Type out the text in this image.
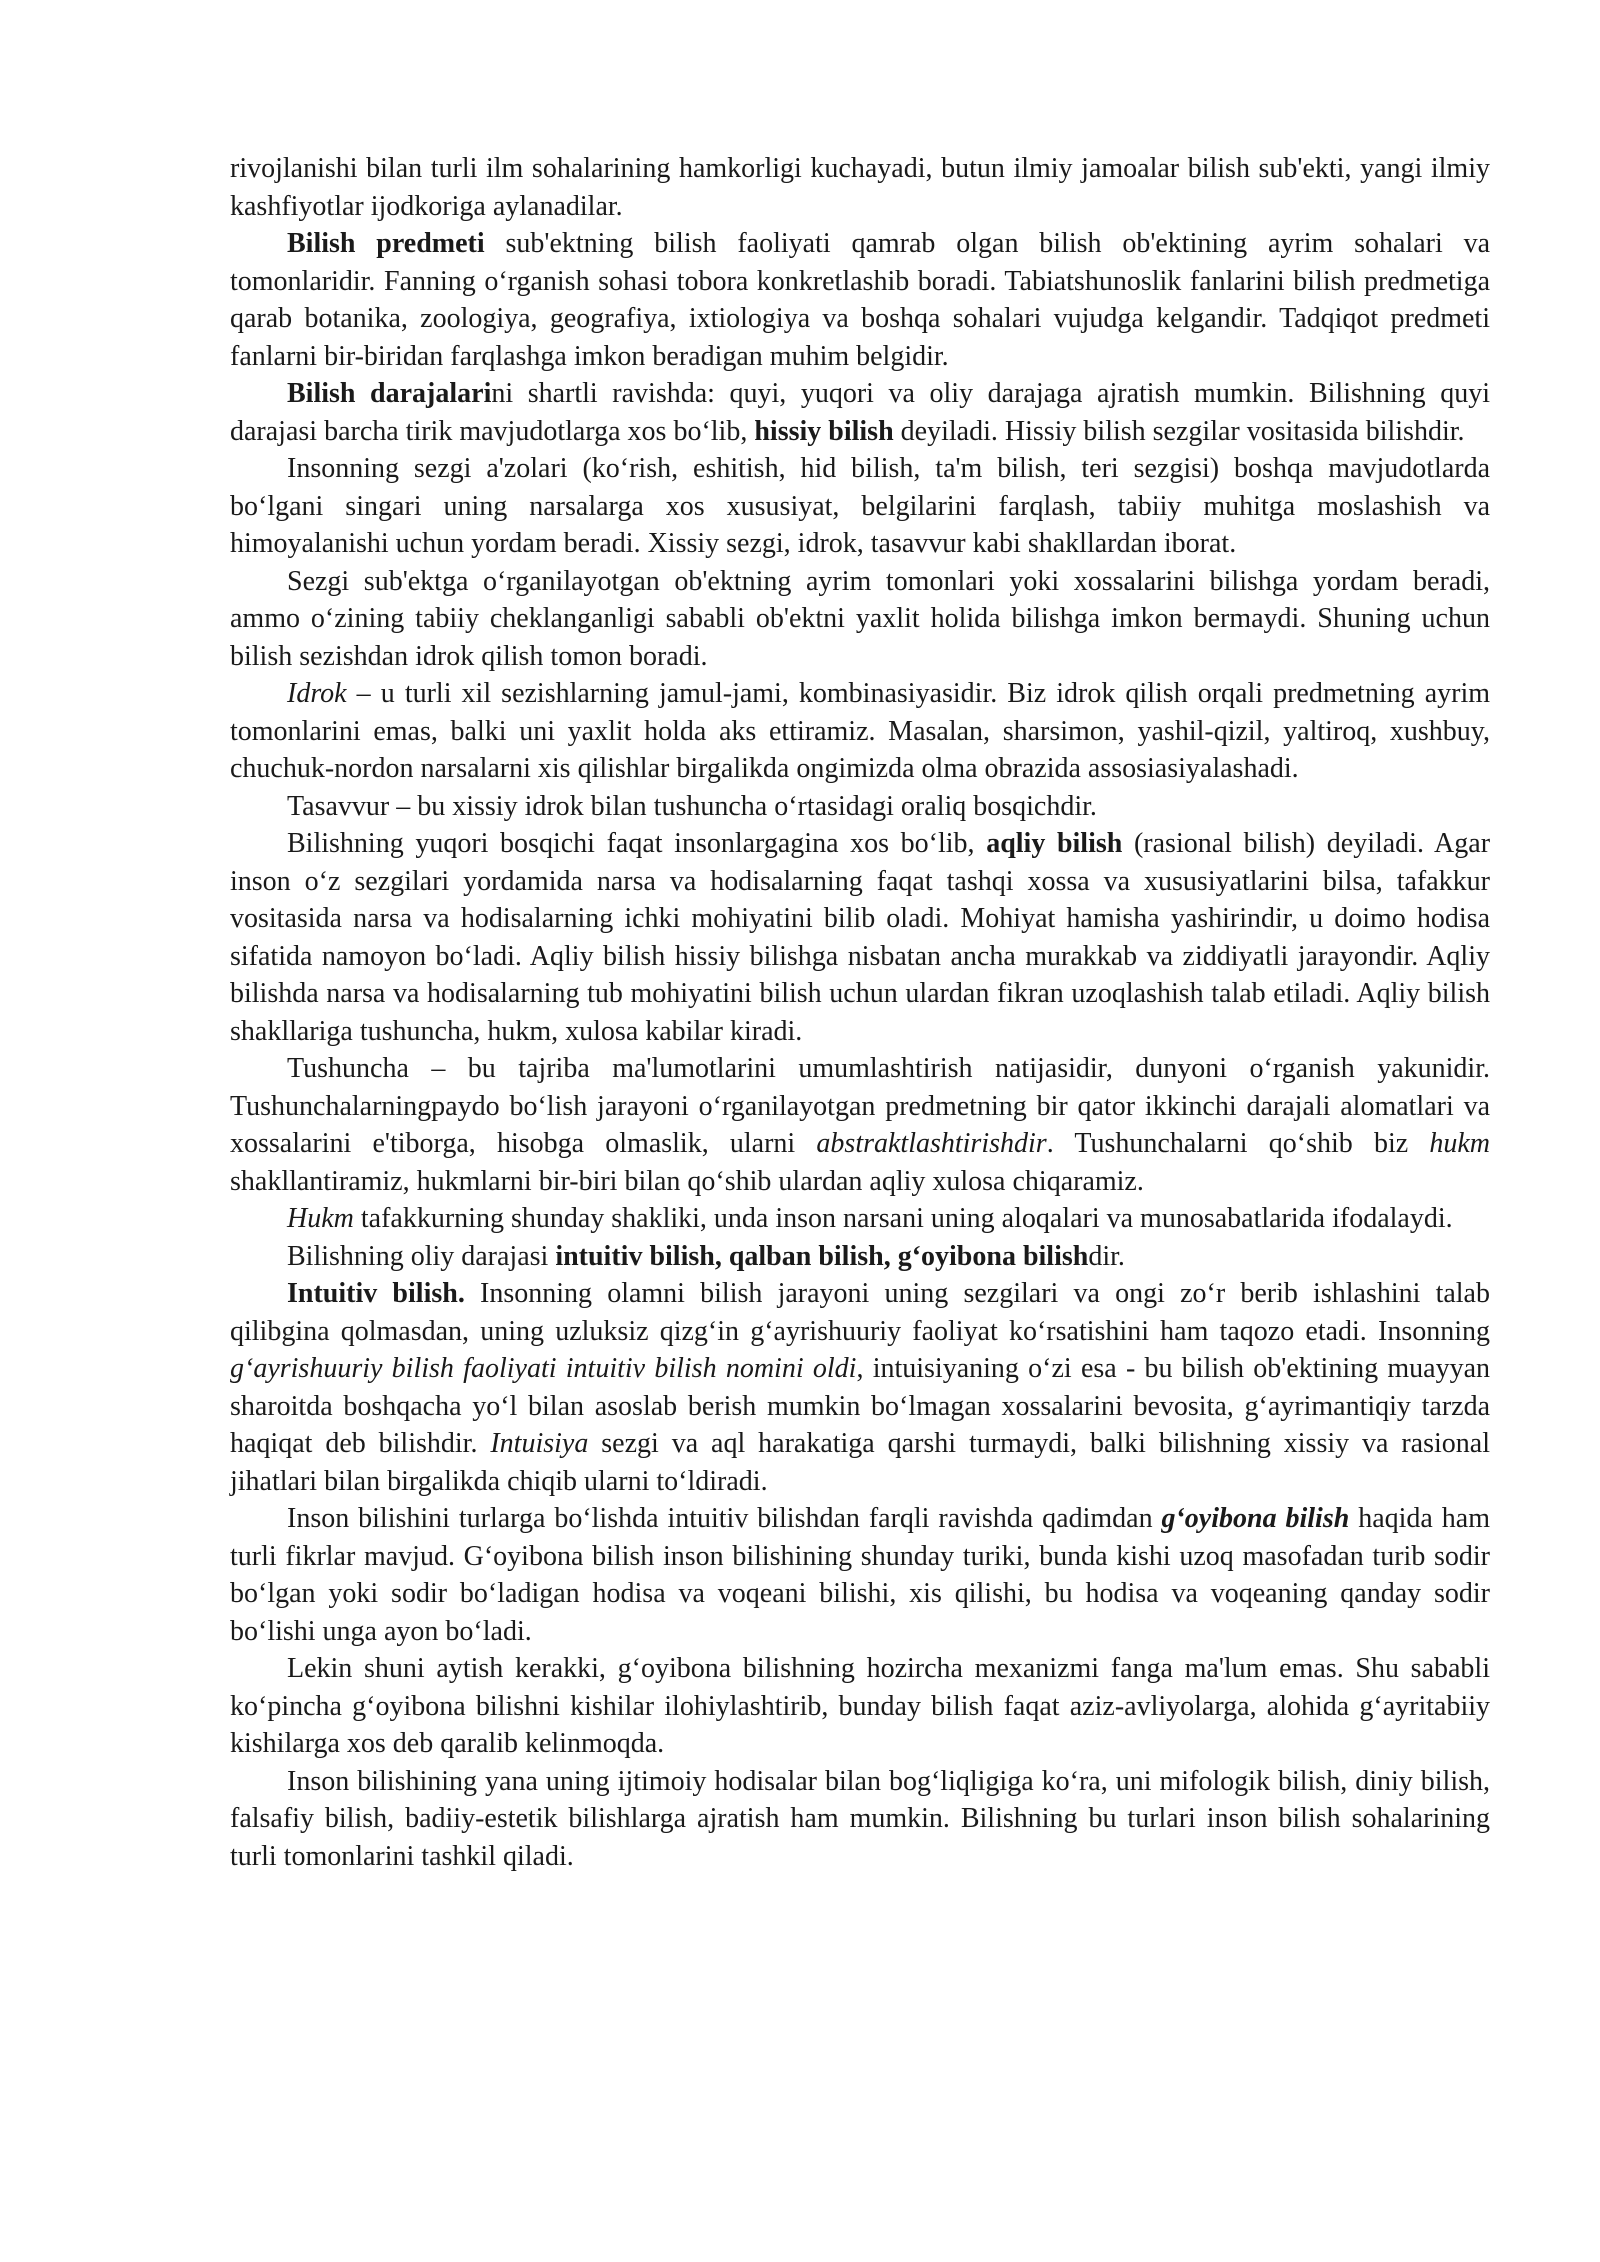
rivojlanishi bilan turli ilm sohalarining hamkorligi kuchayadi, butun ilmiy jamoalar bilish sub'ekti, yangi ilmiy kashfiyotlar ijodkoriga aylanadilar.

Bilish predmeti sub'ektning bilish faoliyati qamrab olgan bilish ob'ektining ayrim sohalari va tomonlaridir. Fanning o‘rganish sohasi tobora konkretlashib boradi. Tabiatshunoslik fanlarini bilish predmetiga qarab botanika, zoologiya, geografiya, ixtiologiya va boshqa sohalari vujudga kelgandir. Tadqiqot predmeti fanlarni bir-biridan farqlashga imkon beradigan muhim belgidir.

Bilish darajalarini shartli ravishda: quyi, yuqori va oliy darajaga ajratish mumkin. Bilishning quyi darajasi barcha tirik mavjudotlarga xos bo‘lib, hissiy bilish deyiladi. Hissiy bilish sezgilar vositasida bilishdir.

Insonning sezgi a'zolari (ko‘rish, eshitish, hid bilish, ta'm bilish, teri sezgisi) boshqa mavjudotlarda bo‘lgani singari uning narsalarga xos xususiyat, belgilarini farqlash, tabiiy muhitga moslashish va himoyalanishi uchun yordam beradi. Xissiy sezgi, idrok, tasavvur kabi shakllardan iborat.

Sezgi sub'ektga o‘rganilayotgan ob'ektning ayrim tomonlari yoki xossalarini bilishga yordam beradi, ammo o‘zining tabiiy cheklanganligi sababli ob'ektni yaxlit holida bilishga imkon bermaydi. Shuning uchun bilish sezishdan idrok qilish tomon boradi.

Idrok – u turli xil sezishlarning jamul-jami, kombinasiyasidir. Biz idrok qilish orqali predmetning ayrim tomonlarini emas, balki uni yaxlit holda aks ettiramiz. Masalan, sharsimon, yashil-qizil, yaltiroq, xushbuy, chuchuk-nordon narsalarni xis qilishlar birgalikda ongimizda olma obrazida assosiasiyalashadi.

Tasavvur – bu xissiy idrok bilan tushuncha o‘rtasidagi oraliq bosqichdir.

Bilishning yuqori bosqichi faqat insonlargagina xos bo‘lib, aqliy bilish (rasional bilish) deyiladi. Agar inson o‘z sezgilari yordamida narsa va hodisalarning faqat tashqi xossa va xususiyatlarini bilsa, tafakkur vositasida narsa va hodisalarning ichki mohiyatini bilib oladi. Mohiyat hamisha yashirindir, u doimo hodisa sifatida namoyon bo‘ladi. Aqliy bilish hissiy bilishga nisbatan ancha murakkab va ziddiyatli jarayondir. Aqliy bilishda narsa va hodisalarning tub mohiyatini bilish uchun ulardan fikran uzoqlashish talab etiladi. Aqliy bilish shakllariga tushuncha, hukm, xulosa kabilar kiradi.

Tushuncha – bu tajriba ma'lumotlarini umumlashtirish natijasidir, dunyoni o‘rganish yakunidir. Tushunchalarningpaydo bo‘lish jarayoni o‘rganilayotgan predmetning bir qator ikkinchi darajali alomatlari va xossalarini e'tiborga, hisobga olmaslik, ularni abstraktlashtirishdir. Tushunchalarni qo‘shib biz hukm shakllantiramiz, hukmlarni bir-biri bilan qo‘shib ulardan aqliy xulosa chiqaramiz.

Hukm tafakkurning shunday shakliki, unda inson narsani uning aloqalari va munosabatlarida ifodalaydi.

Bilishning oliy darajasi intuitiv bilish, qalban bilish, g‘oyibona bilishdir.

Intuitiv bilish. Insonning olamni bilish jarayoni uning sezgilari va ongi zo‘r berib ishlashini talab qilibgina qolmasdan, uning uzluksiz qizg‘in g‘ayrishuuriy faoliyat ko‘rsatishini ham taqozo etadi. Insonning g‘ayrishuuriy bilish faoliyati intuitiv bilish nomini oldi, intuisiyaning o‘zi esa - bu bilish ob'ektining muayyan sharoitda boshqacha yo‘l bilan asoslab berish mumkin bo‘lmagan xossalarini bevosita, g‘ayrimantiqiy tarzda haqiqat deb bilishdir. Intuisiya sezgi va aql harakatiga qarshi turmaydi, balki bilishning xissiy va rasional jihatlari bilan birgalikda chiqib ularni to‘ldiradi.

Inson bilishini turlarga bo‘lishda intuitiv bilishdan farqli ravishda qadimdan g‘oyibona bilish haqida ham turli fikrlar mavjud. G‘oyibona bilish inson bilishining shunday turiki, bunda kishi uzoq masofadan turib sodir bo‘lgan yoki sodir bo‘ladigan hodisa va voqeani bilishi, xis qilishi, bu hodisa va voqeaning qanday sodir bo‘lishi unga ayon bo‘ladi.

Lekin shuni aytish kerakki, g‘oyibona bilishning hozircha mexanizmi fanga ma'lum emas. Shu sababli ko‘pincha g‘oyibona bilishni kishilar ilohiylashtirib, bunday bilish faqat aziz-avliyolarga, alohida g‘ayritabiiy kishilarga xos deb qaralib kelinmoqda.

Inson bilishining yana uning ijtimoiy hodisalar bilan bog‘liqligiga ko‘ra, uni mifologik bilish, diniy bilish, falsafiy bilish, badiiy-estetik bilishlarga ajratish ham mumkin. Bilishning bu turlari inson bilish sohalarining turli tomonlarini tashkil qiladi.
